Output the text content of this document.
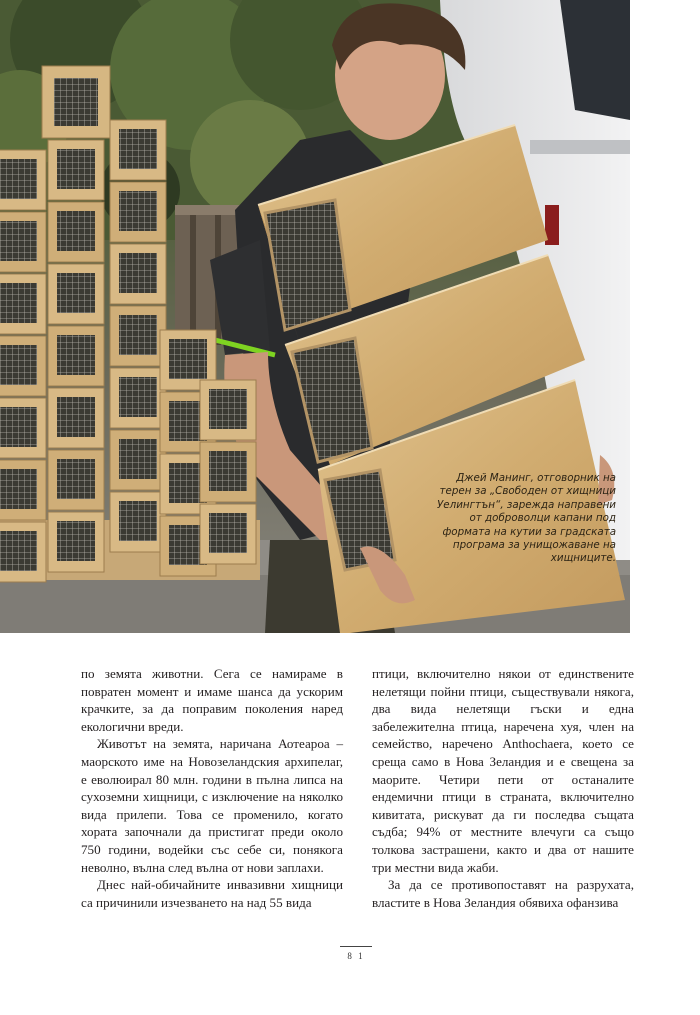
Джей Манинг, отговорник на терен за „Свободен от хищници Уелингтън“, зарежда направени от доброволци капани под формата на кутии за градската програма за унищожаване на хищниците.

по земята животни. Сега се намираме в повратен момент и имаме шанса да ускорим крачките, за да поправим поколения наред екологични вреди.

Животът на земята, наричана Аотеароа – маорското име на Новозеландския архипелаг, е еволюирал 80 млн. години в пълна липса на сухоземни хищници, с изключение на няколко вида прилепи. Това се променило, когато хората започнали да пристигат преди около 750 години, водейки със себе си, понякога неволно, вълна след вълна от нови заплахи.

Днес най-обичайните инвазивни хищници са причинили изчезването на над 55 вида

птици, включително някои от единствените нелетящи пойни птици, съществували някога, два вида нелетящи гъски и една забележителна птица, наречена хуя, член на семейство, наречено Anthochaera, което се среща само в Нова Зеландия и е свещена за маорите. Четири пети от останалите ендемични птици в страната, включително кивитата, рискуват да ги последва същата съдба; 94% от местните влечуги са също толкова застрашени, както и два от нашите три местни вида жаби.

За да се противопоставят на разрухата, властите в Нова Зеландия обявиха офанзива

8 1
